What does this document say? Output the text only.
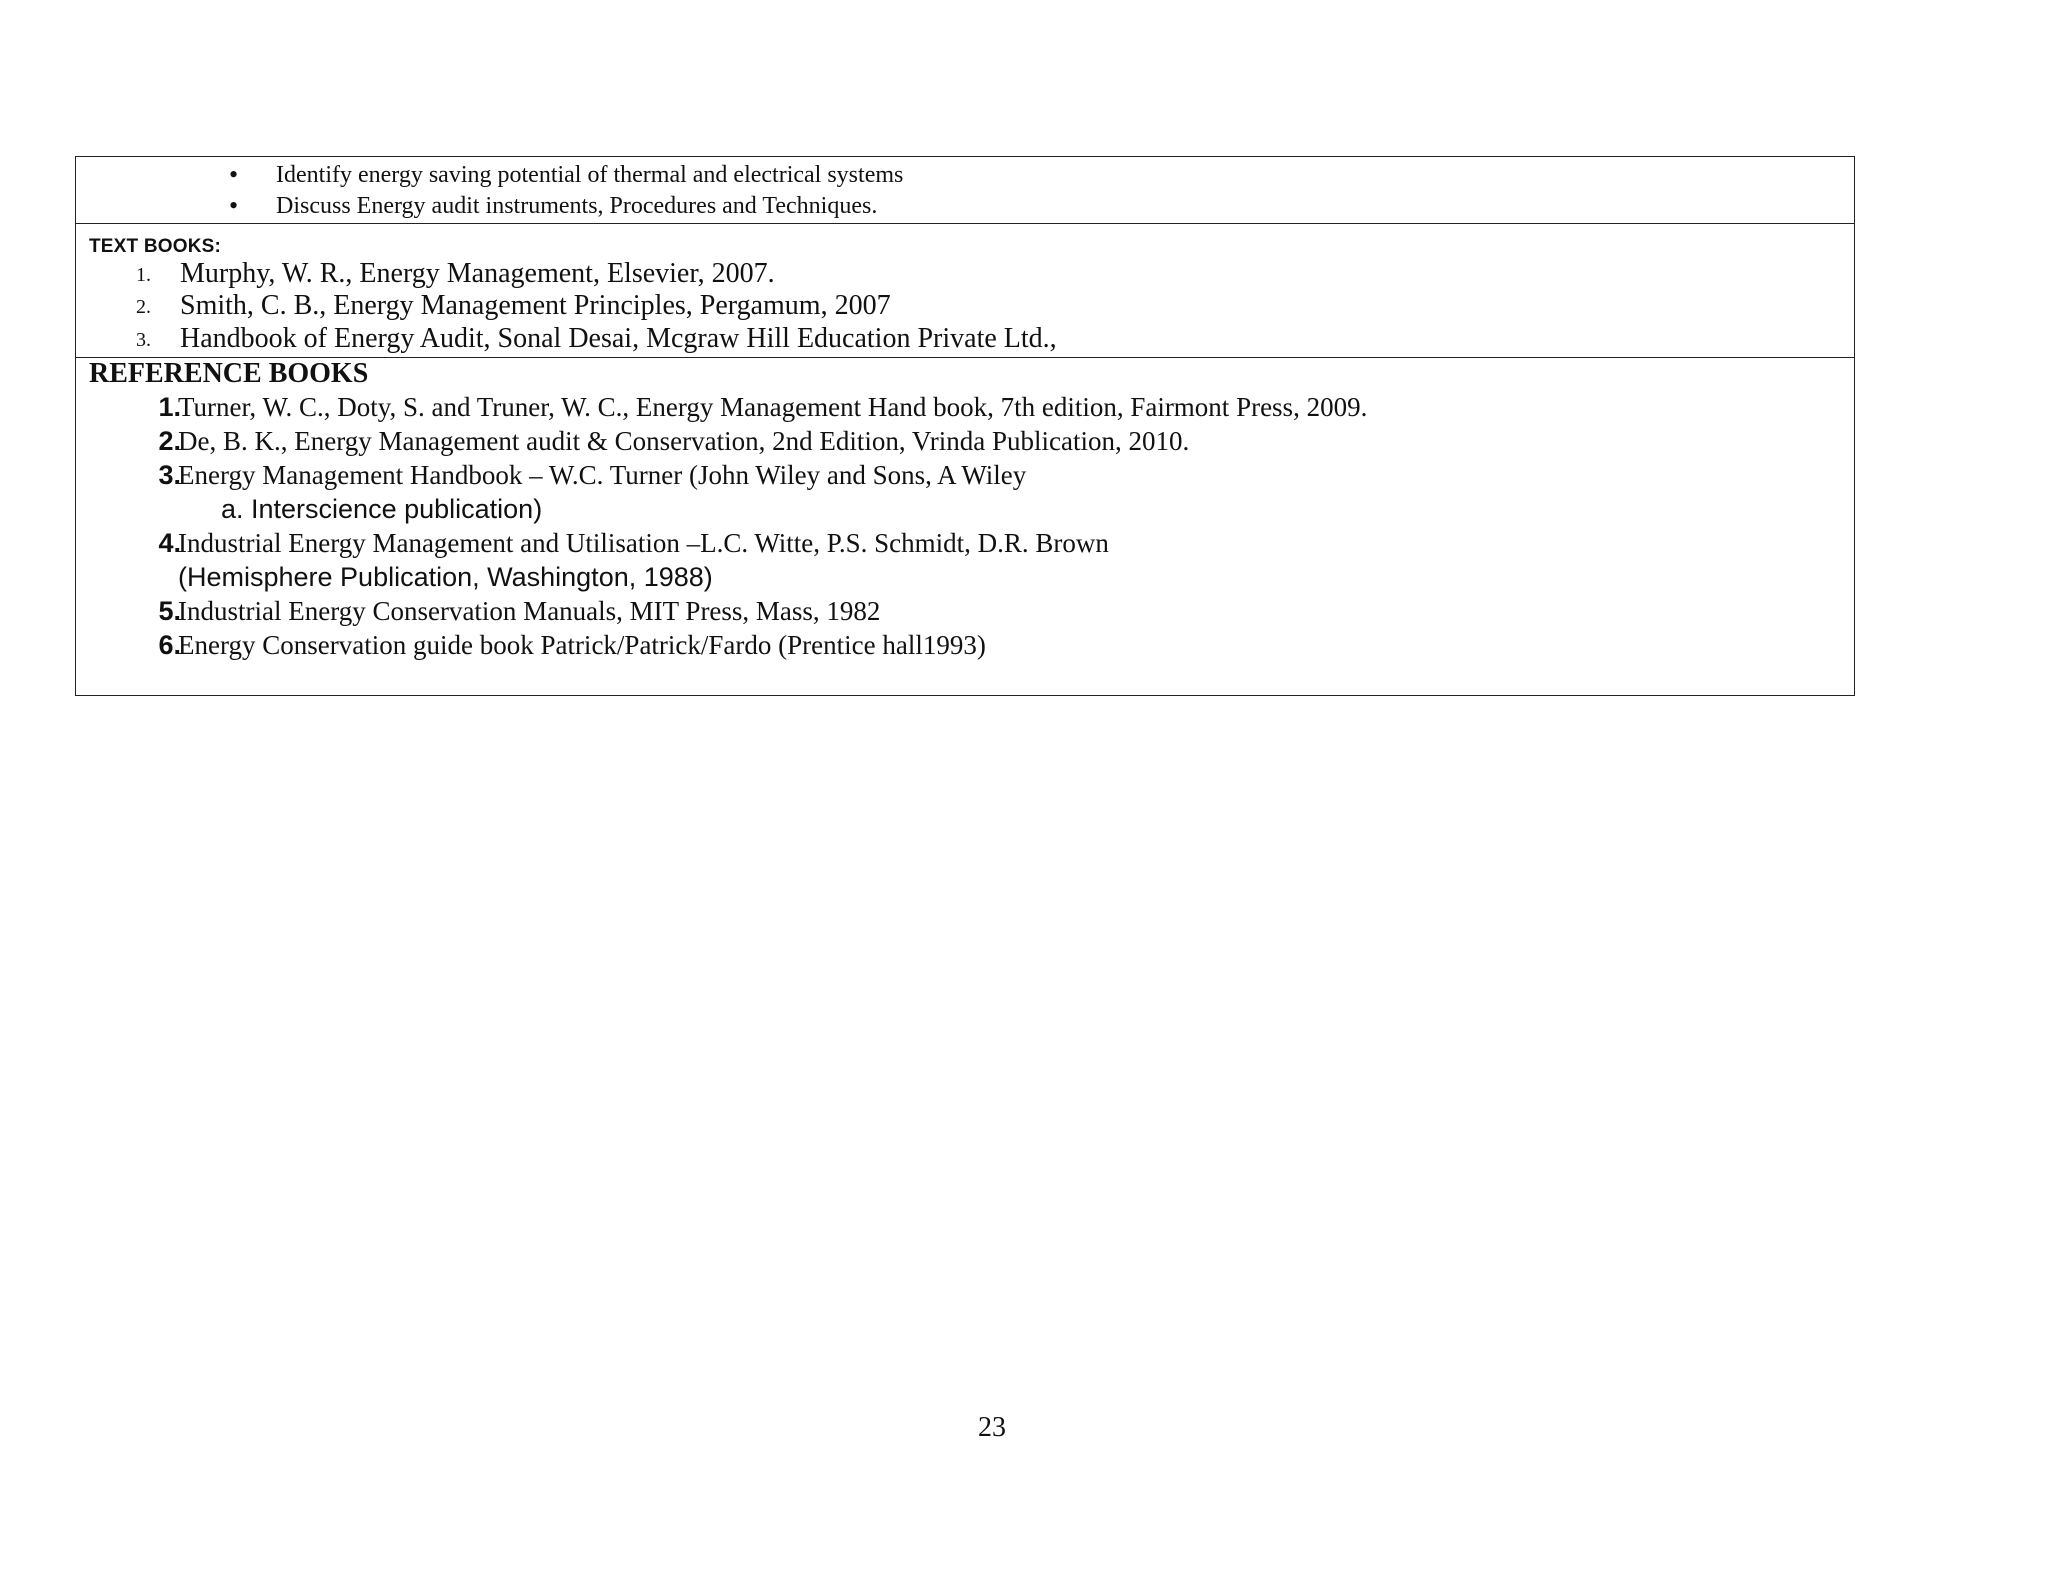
• Identify energy saving potential of thermal and electrical systems
• Discuss Energy audit instruments, Procedures and Techniques.
TEXT BOOKS:
1. Murphy, W. R., Energy Management, Elsevier, 2007.
2. Smith, C. B., Energy Management Principles, Pergamum, 2007
3. Handbook of Energy Audit, Sonal Desai, Mcgraw Hill Education Private Ltd.,
REFERENCE BOOKS
1.
Turner, W. C., Doty, S. and Truner, W. C., Energy Management Hand book, 7th edition, Fairmont Press, 2009.
2.
De, B. K., Energy Management audit & Conservation, 2nd Edition, Vrinda Publication, 2010.
3.
Energy Management Handbook – W.C. Turner (John Wiley and Sons, A Wiley
a. Interscience publication)
4.
Industrial Energy Management and Utilisation –L.C. Witte, P.S. Schmidt, D.R. Brown
(Hemisphere Publication, Washington, 1988)
5.
Industrial Energy Conservation Manuals, MIT Press, Mass, 1982
6.
Energy Conservation guide book Patrick/Patrick/Fardo (Prentice hall1993)
23
